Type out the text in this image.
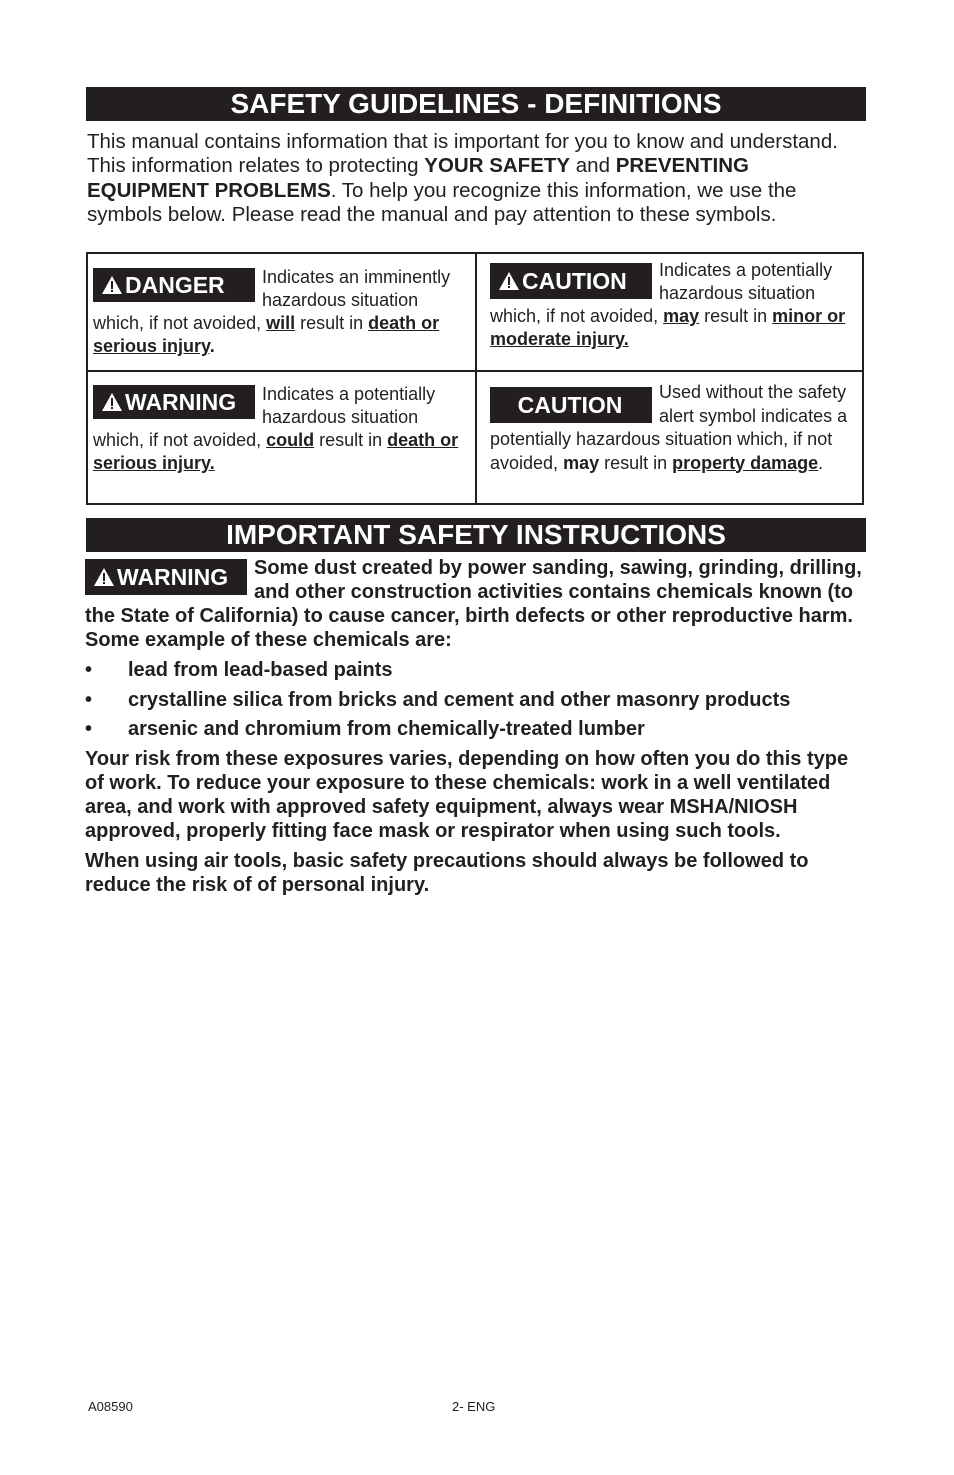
SAFETY GUIDELINES - DEFINITIONS

This manual contains information that is important for you to know and understand. This information relates to protecting YOUR SAFETY and PREVENTING EQUIPMENT PROBLEMS. To help you recognize this information, we use the symbols below. Please read the manual and pay attention to these symbols.

DANGER	Indicates an imminently hazardous situation which, if not avoided, will result in death or serious injury.

CAUTION	Indicates a potentially hazardous situation which, if not avoided, may result in minor or moderate injury.

WARNING	Indicates a potentially hazardous situation which, if not avoided, could result in death or serious injury.

CAUTION	Used without the safety alert symbol indicates a potentially hazardous situation which, if not avoided, may result in property damage.

IMPORTANT SAFETY INSTRUCTIONS
WARNING	Some dust created by power sanding, sawing, grinding, drilling, and other construction activities contains chemicals known (to the State of California) to cause cancer, birth defects or other reproductive harm. Some example of these chemicals are:

• lead from lead-based paints
• crystalline silica from bricks and cement and other masonry products
• arsenic and chromium from chemically-treated lumber

Your risk from these exposures varies, depending on how often you do this type of work. To reduce your exposure to these chemicals: work in a well ventilated area, and work with approved safety equipment, always wear MSHA/NIOSH approved, properly fitting face mask or respirator when using such tools.

When using air tools, basic safety precautions should always be followed to reduce the risk of of personal injury.

A08590	2- ENG
